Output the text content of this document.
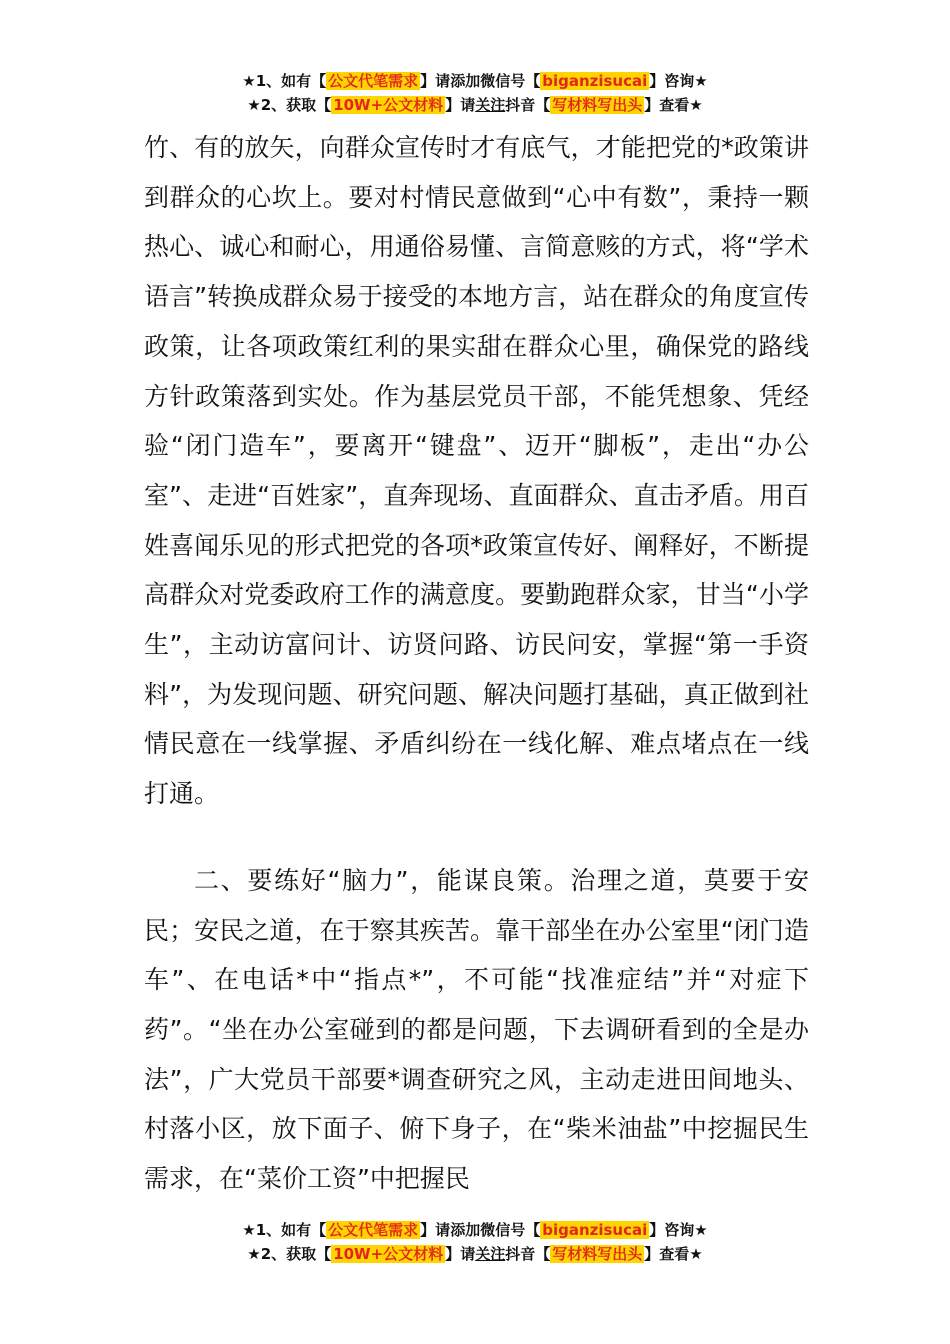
★1、如有【 公文代笔需求 】请添加微信号【 biganzisucai 】咨询★
★2、获取【 10W+公文材料 】请关注抖音【 写材料写出头 】查看★

竹、有的放矢，向群众宣传时才有底气，才能把党的*政策讲到群众的心坎上。要对村情民意做到“心中有数”，秉持一颗热心、诚心和耐心，用通俗易懂、言简意赅的方式，将“学术语言”转换成群众易于接受的本地方言，站在群众的角度宣传政策，让各项政策红利的果实甜在群众心里，确保党的路线方针政策落到实处。作为基层党员干部，不能凭想象、凭经验“闭门造车”，要离开“键盘”、迈开“脚板”，走出“办公室”、走进“百姓家”，直奔现场、直面群众、直击矛盾。用百姓喜闻乐见的形式把党的各项*政策宣传好、阐释好，不断提高群众对党委政府工作的满意度。要勤跑群众家，甘当“小学生”，主动访富问计、访贤问路、访民问安，掌握“第一手资料”，为发现问题、研究问题、解决问题打基础，真正做到社情民意在一线掌握、矛盾纠纷在一线化解、难点堵点在一线打通。

二、要练好“脑力”，能谋良策。治理之道，莫要于安民；安民之道，在于察其疾苦。靠干部坐在办公室里“闭门造车”、在电话*中“指点*”，不可能“找准症结”并“对症下药”。“坐在办公室碰到的都是问题，下去调研看到的全是办法”，广大党员干部要*调查研究之风，主动走进田间地头、村落小区，放下面子、俯下身子，在“柴米油盐”中挖掘民生需求，在“菜价工资”中把握民

★1、如有【 公文代笔需求 】请添加微信号【 biganzisucai 】咨询★
★2、获取【 10W+公文材料 】请关注抖音【 写材料写出头 】查看★
